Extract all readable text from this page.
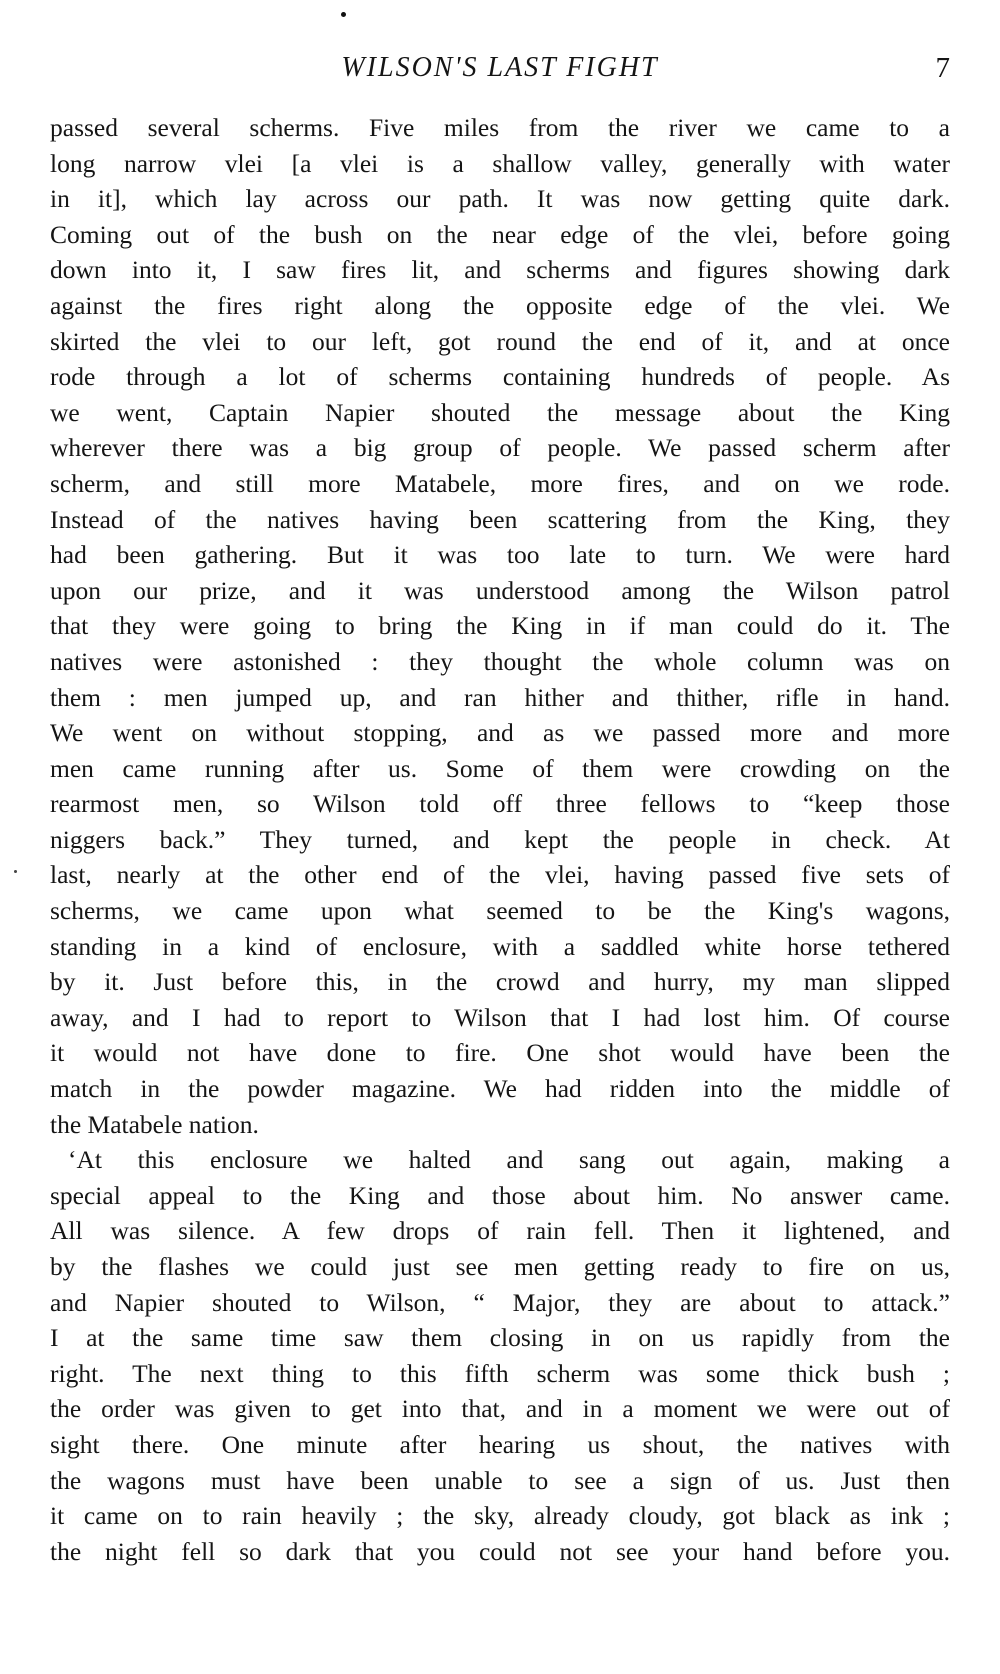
WILSON'S LAST FIGHT	7
passed several scherms. Five miles from the river we came to a
long narrow vlei [a vlei is a shallow valley, generally with water
in it], which lay across our path. It was now getting quite dark.
Coming out of the bush on the near edge of the vlei, before going
down into it, I saw fires lit, and scherms and figures showing dark
against the fires right along the opposite edge of the vlei. We
skirted the vlei to our left, got round the end of it, and at once
rode through a lot of scherms containing hundreds of people. As
we went, Captain Napier shouted the message about the King
wherever there was a big group of people. We passed scherm after
scherm, and still more Matabele, more fires, and on we rode.
Instead of the natives having been scattering from the King, they
had been gathering. But it was too late to turn. We were hard
upon our prize, and it was understood among the Wilson patrol
that they were going to bring the King in if man could do it. The
natives were astonished : they thought the whole column was on
them : men jumped up, and ran hither and thither, rifle in hand.
We went on without stopping, and as we passed more and more
men came running after us. Some of them were crowding on the
rearmost men, so Wilson told off three fellows to “keep those
niggers back.” They turned, and kept the people in check. At
last, nearly at the other end of the vlei, having passed five sets of
scherms, we came upon what seemed to be the King's wagons,
standing in a kind of enclosure, with a saddled white horse tethered
by it. Just before this, in the crowd and hurry, my man slipped
away, and I had to report to Wilson that I had lost him. Of course
it would not have done to fire. One shot would have been the
match in the powder magazine. We had ridden into the middle of
the Matabele nation.
‘At this enclosure we halted and sang out again, making a
special appeal to the King and those about him. No answer came.
All was silence. A few drops of rain fell. Then it lightened, and
by the flashes we could just see men getting ready to fire on us,
and Napier shouted to Wilson, “ Major, they are about to attack.”
I at the same time saw them closing in on us rapidly from the
right. The next thing to this fifth scherm was some thick bush ;
the order was given to get into that, and in a moment we were out of
sight there. One minute after hearing us shout, the natives with
the wagons must have been unable to see a sign of us. Just then
it came on to rain heavily ; the sky, already cloudy, got black as ink ;
the night fell so dark that you could not see your hand before you.
